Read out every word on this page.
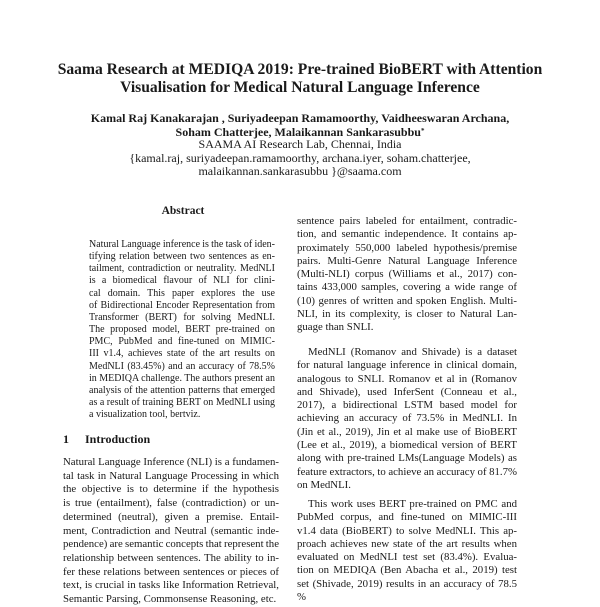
Saama Research at MEDIQA 2019: Pre-trained BioBERT with Attention
Visualisation for Medical Natural Language Inference
Kamal Raj Kanakarajan , Suriyadeepan Ramamoorthy, Vaidheeswaran Archana,
Soham Chatterjee, Malaikannan Sankarasubbu*
SAAMA AI Research Lab, Chennai, India
{kamal.raj, suriyadeepan.ramamoorthy, archana.iyer, soham.chatterjee,
malaikannan.sankarasubbu }@saama.com
Abstract
Natural Language inference is the task of iden-
tifying relation between two sentences as en-
tailment, contradiction or neutrality. MedNLI
is a biomedical flavour of NLI for clini-
cal domain. This paper explores the use
of Bidirectional Encoder Representation from
Transformer (BERT) for solving MedNLI.
The proposed model, BERT pre-trained on
PMC, PubMed and fine-tuned on MIMIC-
III v1.4, achieves state of the art results on
MedNLI (83.45%) and an accuracy of 78.5%
in MEDIQA challenge. The authors present an
analysis of the attention patterns that emerged
as a result of training BERT on MedNLI using
a visualization tool, bertviz.
1 Introduction
Natural Language Inference (NLI) is a fundamen-
tal task in Natural Language Processing in which
the objective is to determine if the hypothesis
is true (entailment), false (contradiction) or un-
determined (neutral), given a premise. Entail-
ment, Contradiction and Neutral (semantic inde-
pendence) are semantic concepts that represent the
relationship between sentences. The ability to in-
fer these relations between sentences or pieces of
text, is crucial in tasks like Information Retrieval,
Semantic Parsing, Commonsense Reasoning, etc.
sentence pairs labeled for entailment, contradic-
tion, and semantic independence. It contains ap-
proximately 550,000 labeled hypothesis/premise
pairs. Multi-Genre Natural Language Inference
(Multi-NLI) corpus (Williams et al., 2017) con-
tains 433,000 samples, covering a wide range of
(10) genres of written and spoken English. Multi-
NLI, in its complexity, is closer to Natural Lan-
guage than SNLI.
MedNLI (Romanov and Shivade) is a dataset
for natural language inference in clinical domain,
analogous to SNLI. Romanov et al in (Romanov
and Shivade), used InferSent (Conneau et al.,
2017), a bidirectional LSTM based model for
achieving an accuracy of 73.5% in MedNLI. In
(Jin et al., 2019), Jin et al make use of BioBERT
(Lee et al., 2019), a biomedical version of BERT
along with pre-trained LMs(Language Models) as
feature extractors, to achieve an accuracy of 81.7%
on MedNLI.
This work uses BERT pre-trained on PMC and
PubMed corpus, and fine-tuned on MIMIC-III
v1.4 data (BioBERT) to solve MedNLI. This ap-
proach achieves new state of the art results when
evaluated on MedNLI test set (83.4%). Evalua-
tion on MEDIQA (Ben Abacha et al., 2019) test
set (Shivade, 2019) results in an accuracy of 78.5
%
